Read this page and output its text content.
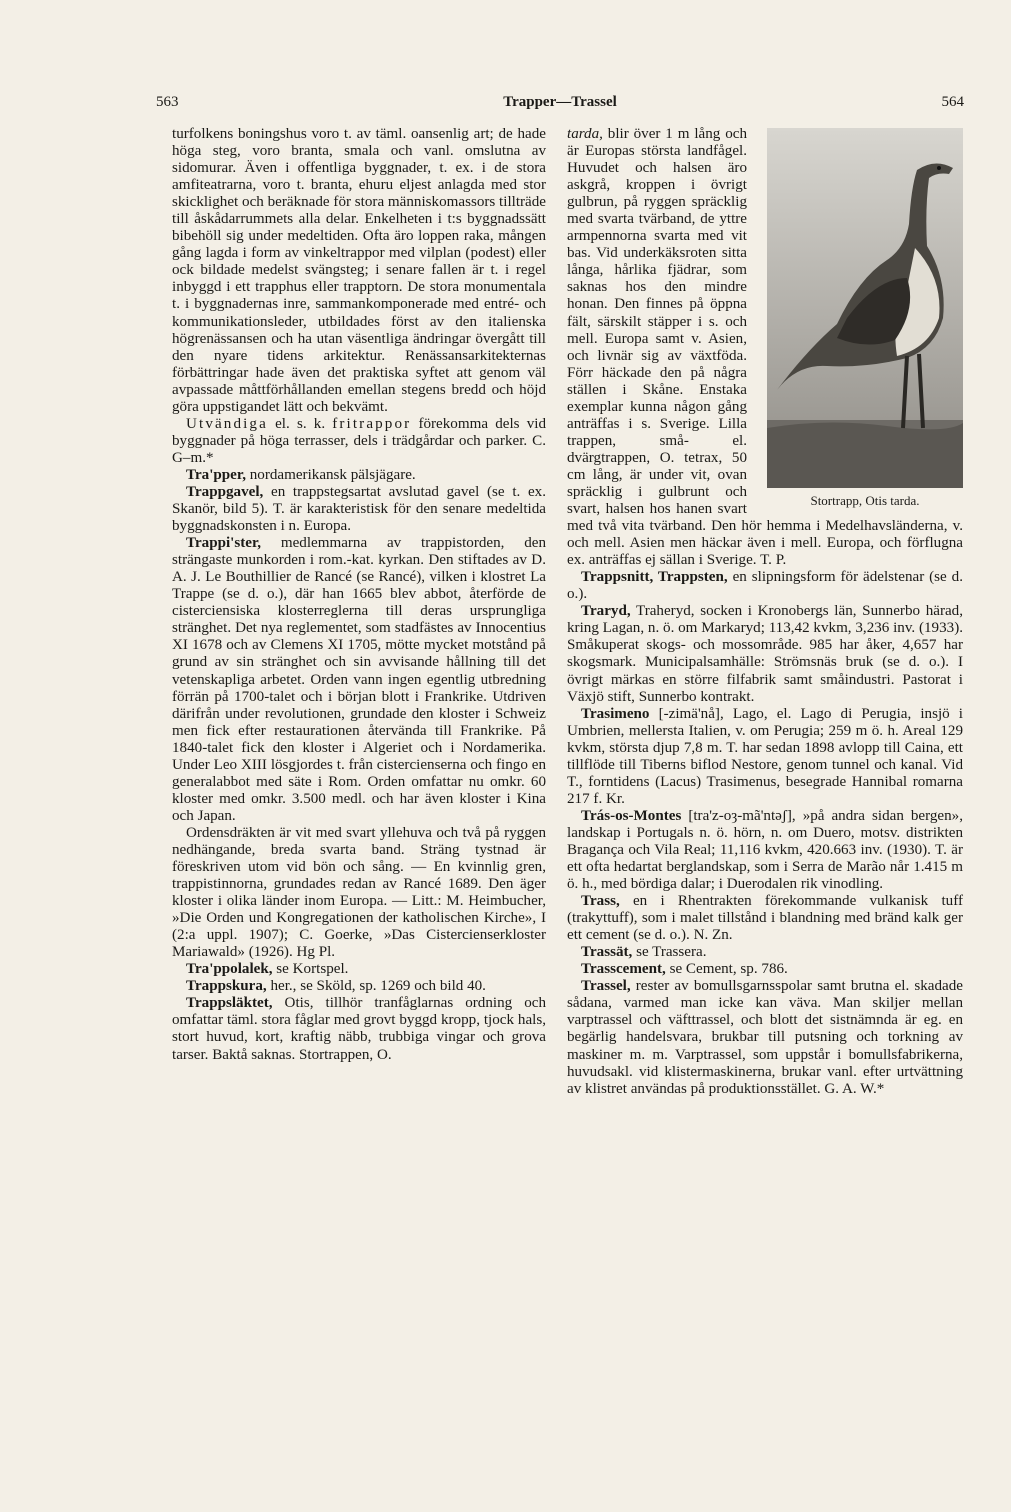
563	Trapper—Trassel	564

turfolkens boningshus voro t. av täml. oansenlig art; de hade höga steg, voro branta, smala och vanl. omslutna av sidomurar. Även i offentliga byggnader, t. ex. i de stora amfiteatrarna, voro t. branta, ehuru eljest anlagda med stor skicklighet och beräknade för stora människomassors tillträde till åskådarrummets alla delar. Enkelheten i t:s byggnadssätt bibehöll sig under medeltiden. Ofta äro loppen raka, mången gång lagda i form av vinkeltrappor med vilplan (podest) eller ock bildade medelst svängsteg; i senare fallen är t. i regel inbyggd i ett trapphus eller trapptorn. De stora monumentala t. i byggnadernas inre, sammankomponerade med entré- och kommunikationsleder, utbildades först av den italienska högrenässansen och ha utan väsentliga ändringar övergått till den nyare tidens arkitektur. Renässansarkitekternas förbättringar hade även det praktiska syftet att genom väl avpassade måttförhållanden emellan stegens bredd och höjd göra uppstigandet lätt och bekvämt.

Utvändiga el. s. k. fritrappor förekomma dels vid byggnader på höga terrasser, dels i trädgårdar och parker. C. G–m.*

Tra'pper, nordamerikansk pälsjägare.

Trappgavel, en trappstegsartat avslutad gavel (se t. ex. Skanör, bild 5). T. är karakteristisk för den senare medeltida byggnadskonsten i n. Europa.

Trappi'ster, medlemmarna av trappistorden, den strängaste munkorden i rom.-kat. kyrkan. Den stiftades av D. A. J. Le Bouthillier de Rancé (se Rancé), vilken i klostret La Trappe (se d. o.), där han 1665 blev abbot, återförde de cisterciensiska klosterreglerna till deras ursprungliga stränghet. Det nya reglementet, som stadfästes av Innocentius XI 1678 och av Clemens XI 1705, mötte mycket motstånd på grund av sin stränghet och sin avvisande hållning till det vetenskapliga arbetet. Orden vann ingen egentlig utbredning förrän på 1700-talet och i början blott i Frankrike. Utdriven därifrån under revolutionen, grundade den kloster i Schweiz men fick efter restaurationen återvända till Frankrike. På 1840-talet fick den kloster i Algeriet och i Nordamerika. Under Leo XIII lösgjordes t. från cistercienserna och fingo en generalabbot med säte i Rom. Orden omfattar nu omkr. 60 kloster med omkr. 3.500 medl. och har även kloster i Kina och Japan.

Ordensdräkten är vit med svart yllehuva och två på ryggen nedhängande, breda svarta band. Sträng tystnad är föreskriven utom vid bön och sång. — En kvinnlig gren, trappistinnorna, grundades redan av Rancé 1689. Den äger kloster i olika länder inom Europa. — Litt.: M. Heimbucher, »Die Orden und Kongregationen der katholischen Kirche», I (2:a uppl. 1907); C. Goerke, »Das Cistercienserkloster Mariawald» (1926). Hg Pl.

Tra'ppolalek, se Kortspel.

Trappskura, her., se Sköld, sp. 1269 och bild 40.

Trappsläktet, Otis, tillhör tranfåglarnas ordning och omfattar täml. stora fåglar med grovt byggd kropp, tjock hals, stort huvud, kort, kraftig näbb, trubbiga vingar och grova tarser. Baktå saknas. Stortrappen, O.

Stortrapp, Otis tarda.

tarda, blir över 1 m lång och är Europas största landfågel. Huvudet och halsen äro askgrå, kroppen i övrigt gulbrun, på ryggen spräcklig med svarta tvärband, de yttre armpennorna svarta med vit bas. Vid underkäksroten sitta långa, hårlika fjädrar, som saknas hos den mindre honan. Den finnes på öppna fält, särskilt stäpper i s. och mell. Europa samt v. Asien, och livnär sig av växtföda. Förr häckade den på några ställen i Skåne. Enstaka exemplar kunna någon gång anträffas i s. Sverige. Lilla trappen, små- el. dvärgtrappen, O. tetrax, 50 cm lång, är under vit, ovan spräcklig i gulbrunt och svart, halsen hos hanen svart med två vita tvärband. Den hör hemma i Medelhavsländerna, v. och mell. Asien men häckar även i mell. Europa, och förflugna ex. anträffas ej sällan i Sverige. T. P.

Trappsnitt, Trappsten, en slipningsform för ädelstenar (se d. o.).

Traryd, Traheryd, socken i Kronobergs län, Sunnerbo härad, kring Lagan, n. ö. om Markaryd; 113,42 kvkm, 3,236 inv. (1933). Småkuperat skogs- och mossområde. 985 har åker, 4,657 har skogsmark. Municipalsamhälle: Strömsnäs bruk (se d. o.). I övrigt märkas en större filfabrik samt småindustri. Pastorat i Växjö stift, Sunnerbo kontrakt.

Trasimeno [-zimä'nå], Lago, el. Lago di Perugia, insjö i Umbrien, mellersta Italien, v. om Perugia; 259 m ö. h. Areal 129 kvkm, största djup 7,8 m. T. har sedan 1898 avlopp till Caina, ett tillflöde till Tiberns biflod Nestore, genom tunnel och kanal. Vid T., forntidens (Lacus) Trasimenus, besegrade Hannibal romarna 217 f. Kr.

Trás-os-Montes [tra'z-oȝ-mã'ntəʃ], »på andra sidan bergen», landskap i Portugals n. ö. hörn, n. om Duero, motsv. distrikten Bragança och Vila Real; 11,116 kvkm, 420.663 inv. (1930). T. är ett ofta hedartat berglandskap, som i Serra de Marão når 1.415 m ö. h., med bördiga dalar; i Duerodalen rik vinodling.

Trass, en i Rhentrakten förekommande vulkanisk tuff (trakyttuff), som i malet tillstånd i blandning med bränd kalk ger ett cement (se d. o.). N. Zn.

Trassät, se Trassera.

Trasscement, se Cement, sp. 786.

Trassel, rester av bomullsgarnsspolar samt brutna el. skadade sådana, varmed man icke kan väva. Man skiljer mellan varptrassel och väfttrassel, och blott det sistnämnda är eg. en begärlig handelsvara, brukbar till putsning och torkning av maskiner m. m. Varptrassel, som uppstår i bomullsfabrikerna, huvudsakl. vid klistermaskinerna, brukar vanl. efter urtvättning av klistret användas på produktionsstället. G. A. W.*
